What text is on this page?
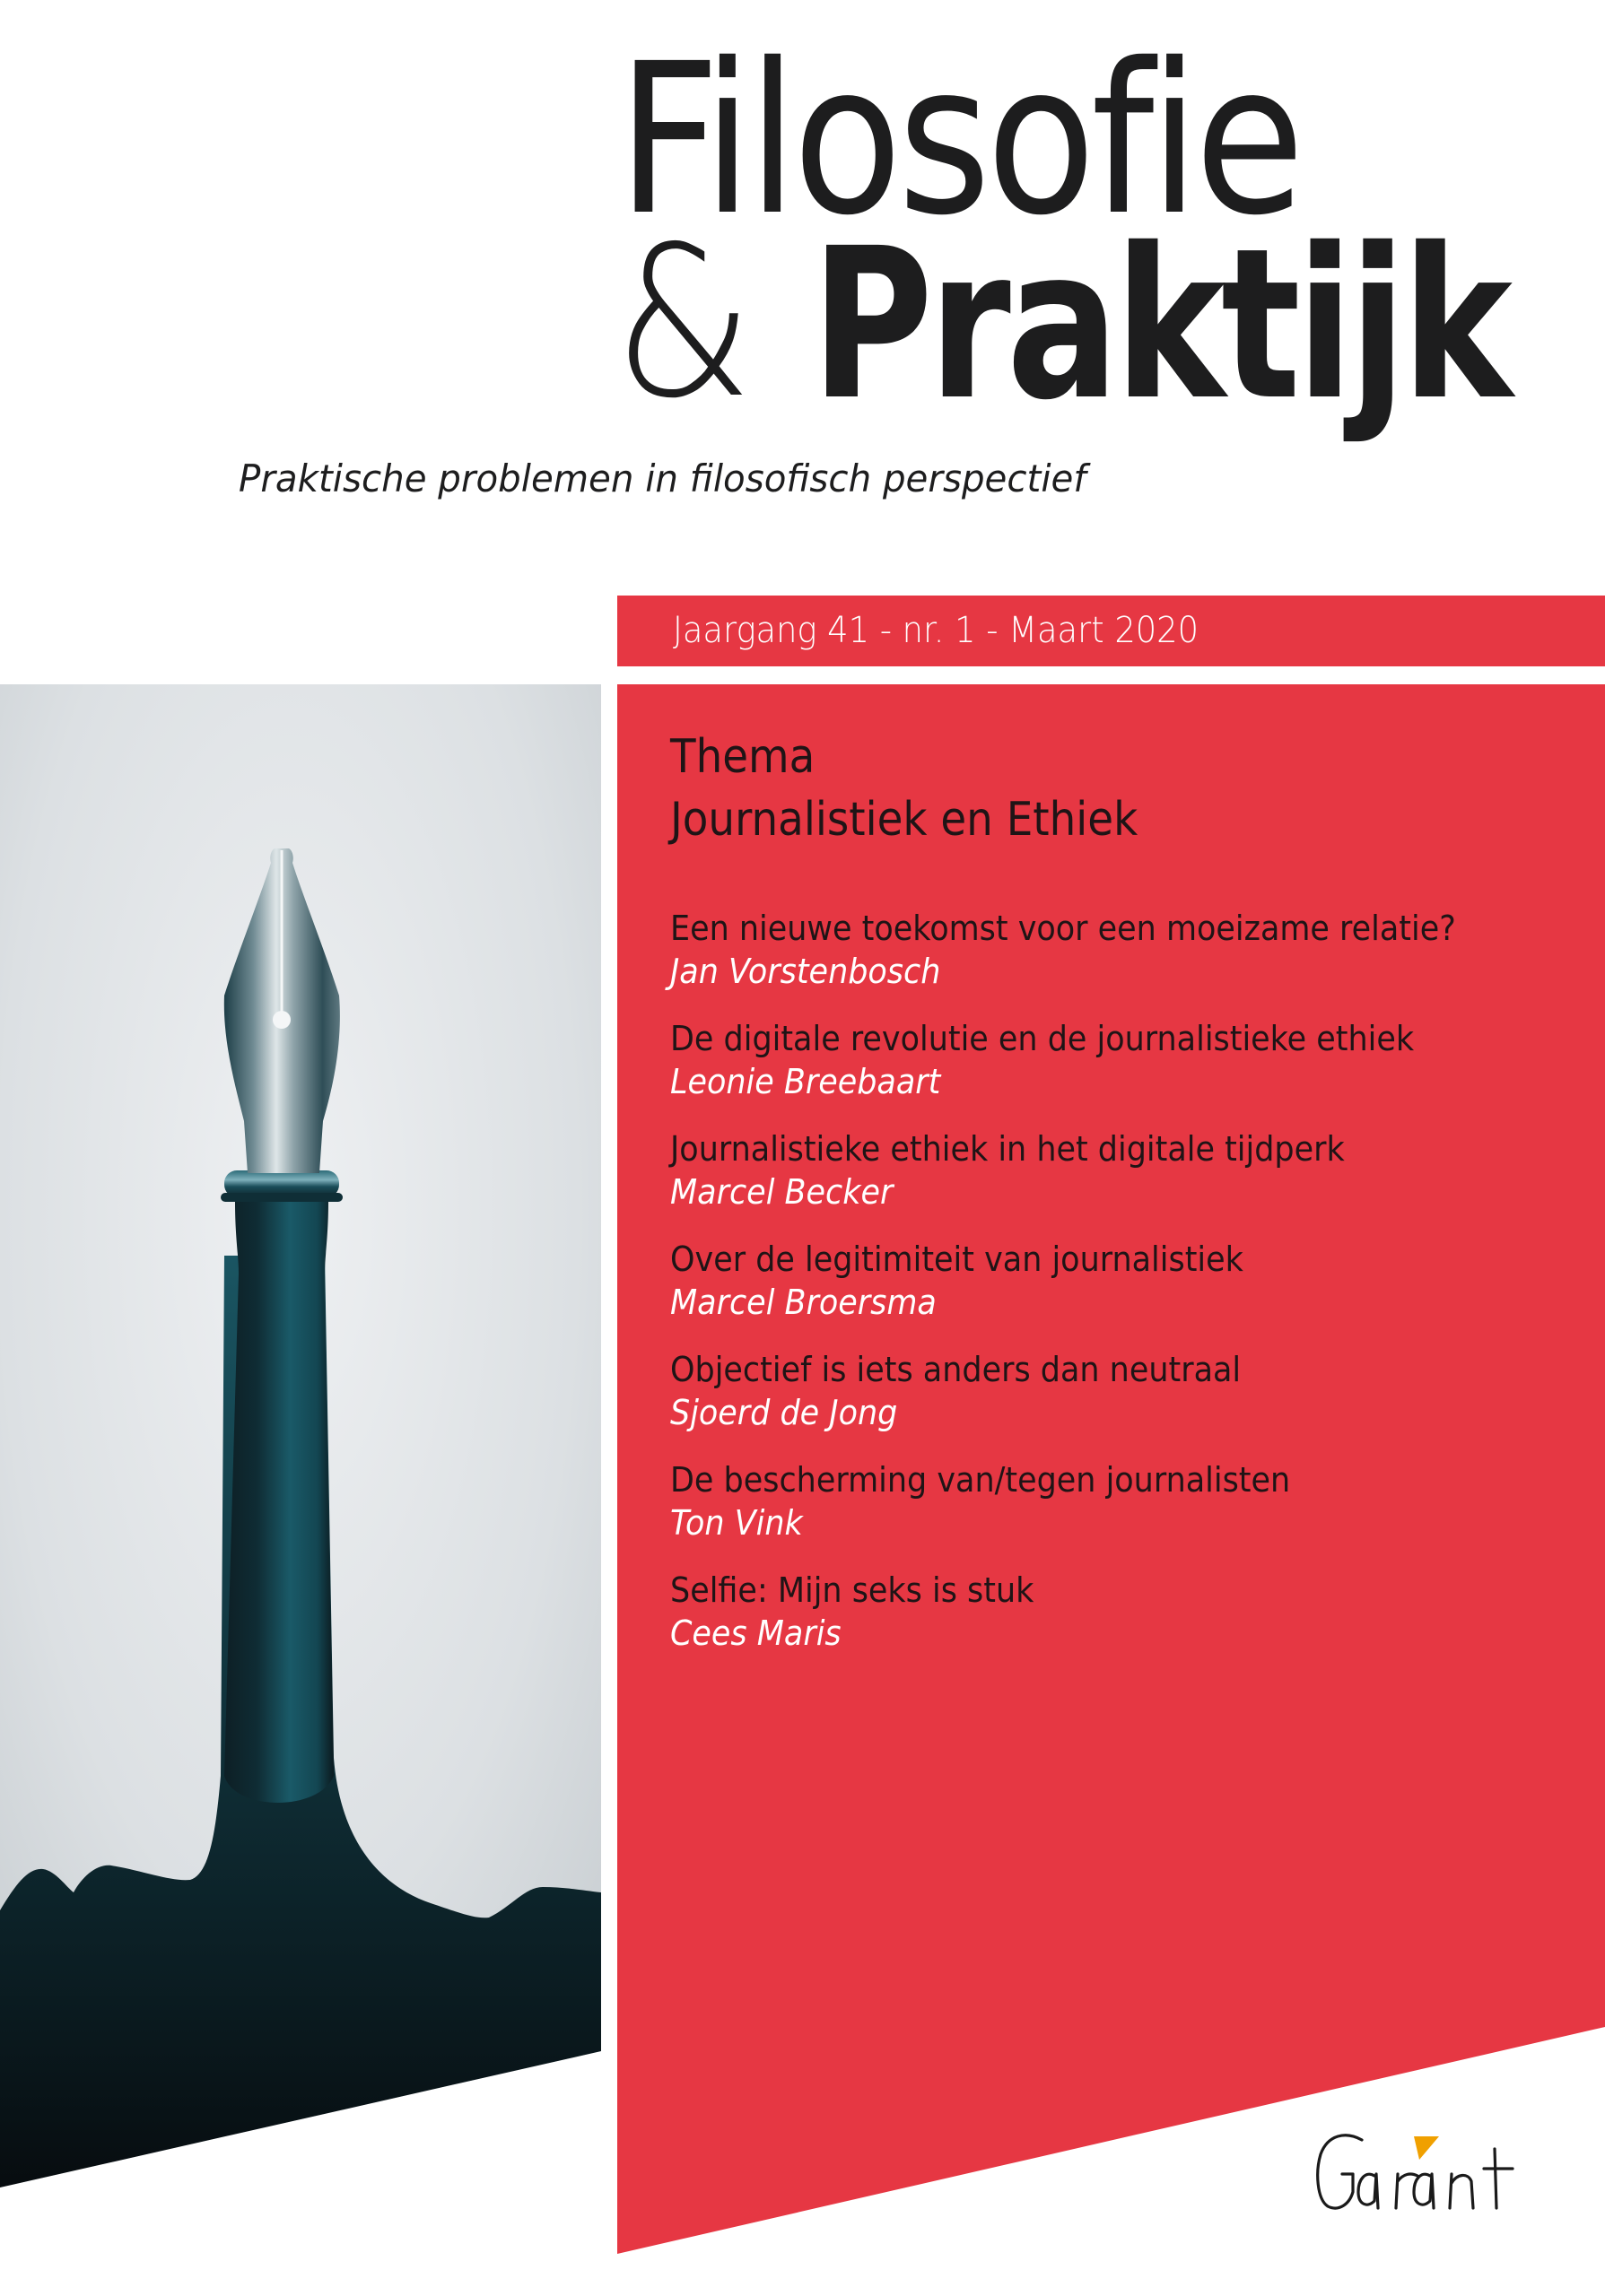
Filosofie
& Praktijk
Praktische problemen in filosofisch perspectief
Jaargang 41 - nr. 1 - Maart 2020
Thema
Journalistiek en Ethiek
Een nieuwe toekomst voor een moeizame relatie?
Jan Vorstenbosch
De digitale revolutie en de journalistieke ethiek
Leonie Breebaart
Journalistieke ethiek in het digitale tijdperk
Marcel Becker
Over de legitimiteit van journalistiek
Marcel Broersma
Objectief is iets anders dan neutraal
Sjoerd de Jong
De bescherming van/tegen journalisten
Ton Vink
Selfie: Mijn seks is stuk
Cees Maris
